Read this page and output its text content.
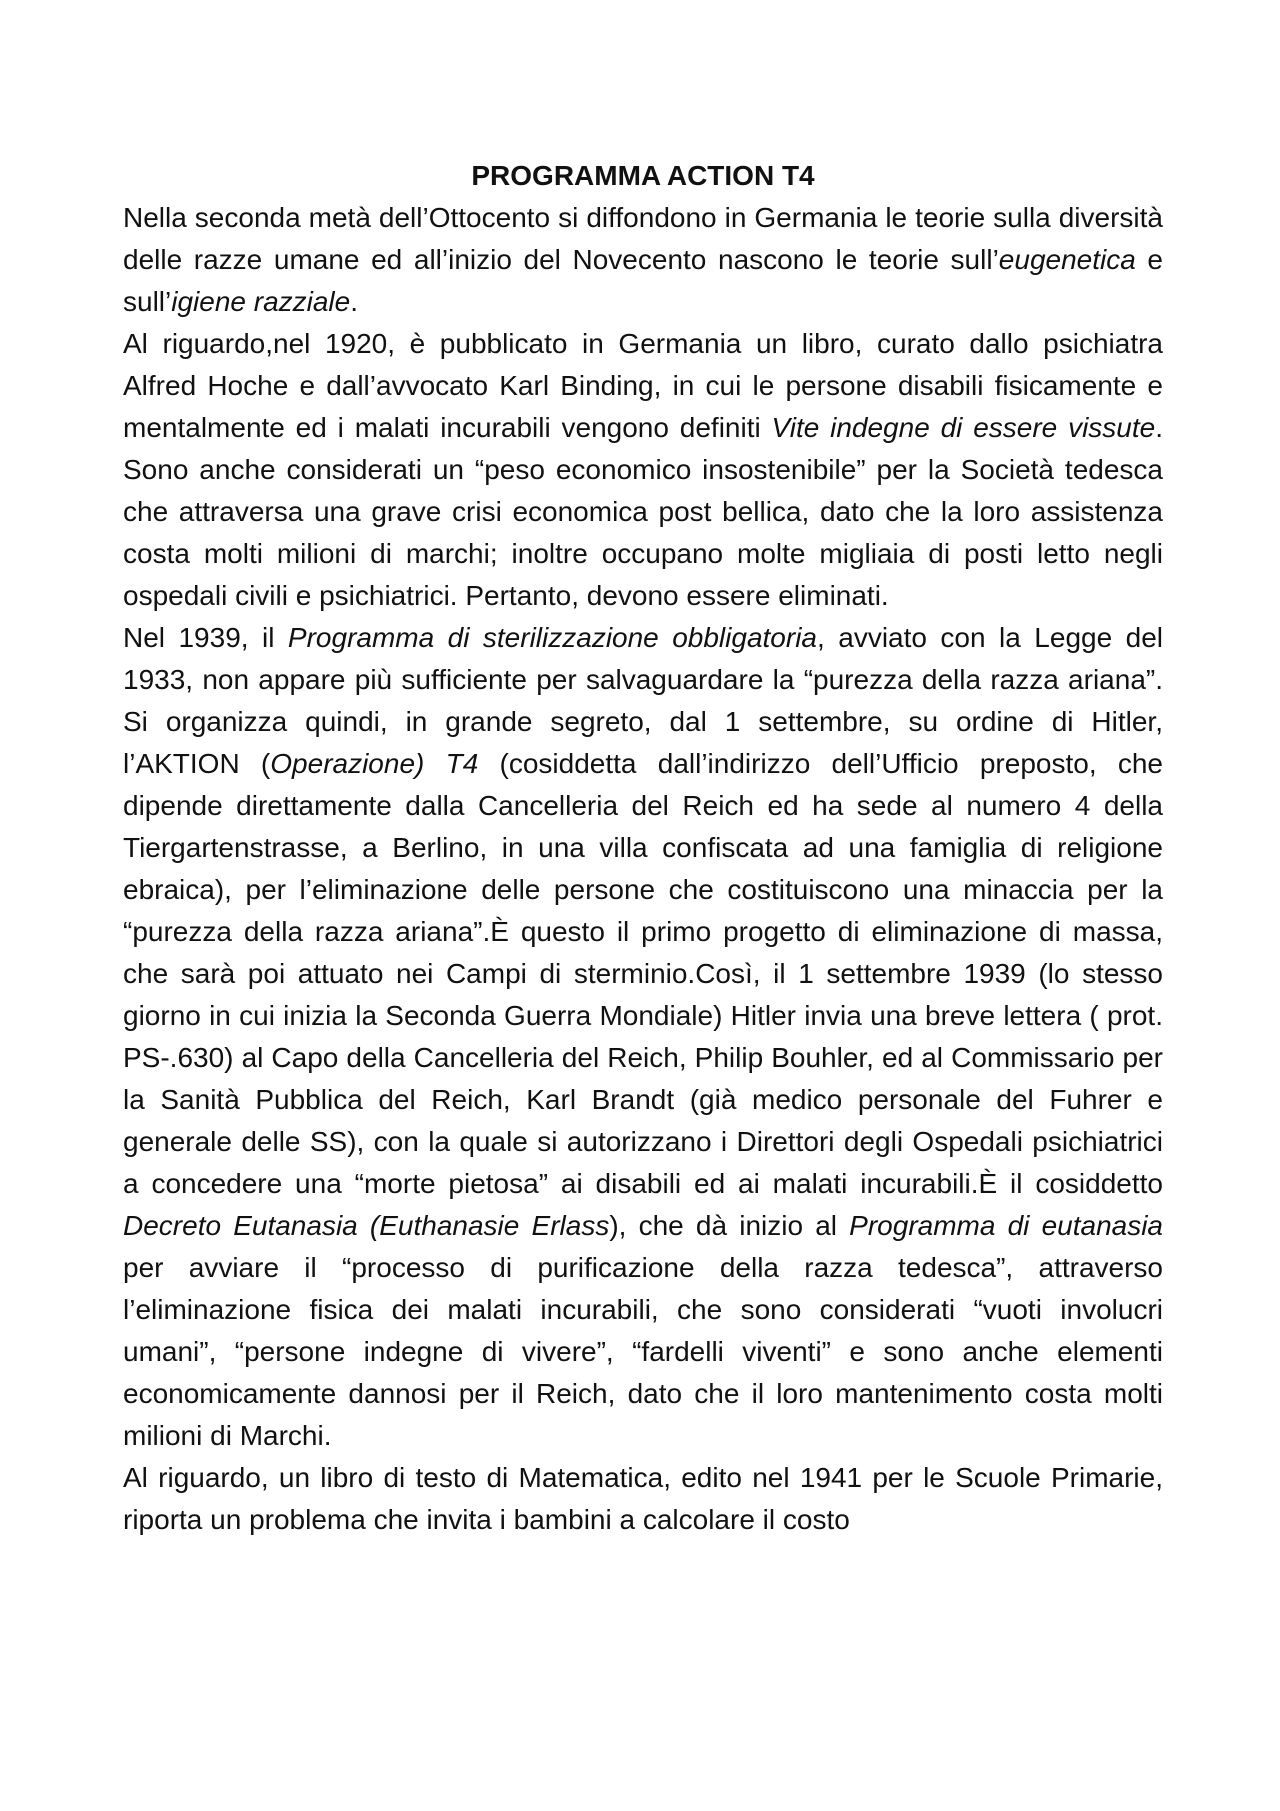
PROGRAMMA ACTION T4

Nella seconda metà dell’Ottocento si diffondono in Germania le teorie sulla diversità delle razze umane ed all’inizio del Novecento nascono le teorie sull’eugenetica e sull’igiene razziale.

Al riguardo,nel 1920, è pubblicato in Germania un libro, curato dallo psichiatra Alfred Hoche e dall’avvocato Karl Binding, in cui le persone disabili fisicamente e mentalmente ed i malati incurabili vengono definiti Vite indegne di essere vissute. Sono anche considerati un “peso economico insostenibile” per la Società tedesca che attraversa una grave crisi economica post bellica, dato che la loro assistenza costa molti milioni di marchi; inoltre occupano molte migliaia di posti letto negli ospedali civili e psichiatrici. Pertanto, devono essere eliminati.

Nel 1939, il Programma di sterilizzazione obbligatoria, avviato con la Legge del 1933, non appare più sufficiente per salvaguardare la “purezza della razza ariana”. Si organizza quindi, in grande segreto, dal 1 settembre, su ordine di Hitler, l’AKTION (Operazione) T4 (cosiddetta dall’indirizzo dell’Ufficio preposto, che dipende direttamente dalla Cancelleria del Reich ed ha sede al numero 4 della Tiergartenstrasse, a Berlino, in una villa confiscata ad una famiglia di religione ebraica), per l’eliminazione delle persone che costituiscono una minaccia per la “purezza della razza ariana”.È questo il primo progetto di eliminazione di massa, che sarà poi attuato nei Campi di sterminio.Così, il 1 settembre 1939 (lo stesso giorno in cui inizia la Seconda Guerra Mondiale) Hitler invia una breve lettera ( prot. PS-.630) al Capo della Cancelleria del Reich, Philip Bouhler, ed al Commissario per la Sanità Pubblica del Reich, Karl Brandt (già medico personale del Fuhrer e generale delle SS), con la quale si autorizzano i Direttori degli Ospedali psichiatrici a concedere una “morte pietosa” ai disabili ed ai malati incurabili.È il cosiddetto Decreto Eutanasia (Euthanasie Erlass), che dà inizio al Programma di eutanasia per avviare il “processo di purificazione della razza tedesca”, attraverso l’eliminazione fisica dei malati incurabili, che sono considerati “vuoti involucri umani”, “persone indegne di vivere”, “fardelli viventi” e sono anche elementi economicamente dannosi per il Reich, dato che il loro mantenimento costa molti milioni di Marchi.

Al riguardo, un libro di testo di Matematica, edito nel 1941 per le Scuole Primarie, riporta un problema che invita i bambini a calcolare il costo
